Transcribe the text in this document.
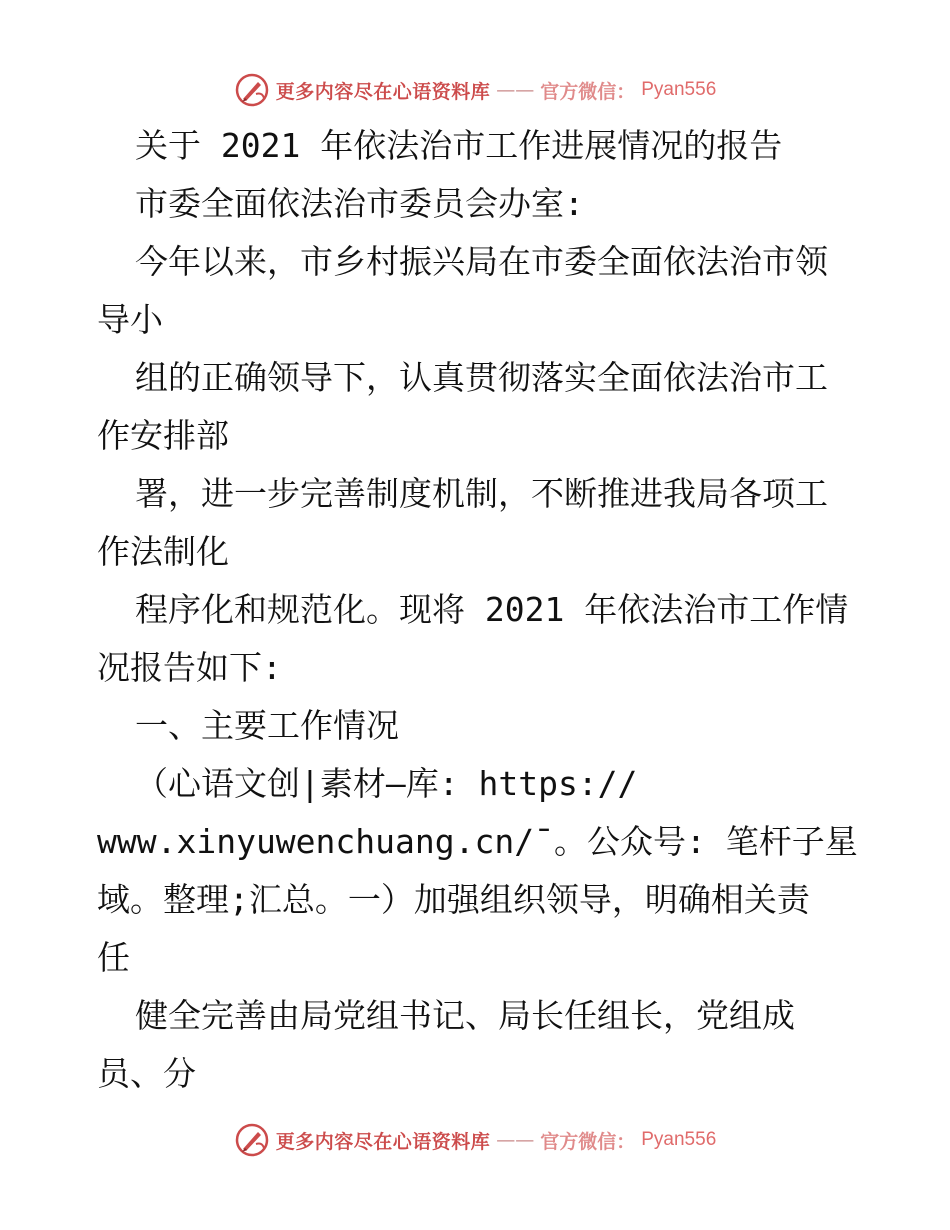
更多内容尽在心语资料库 —— 官方微信： Pyan556
关于 2021 年依法治市工作进展情况的报告
市委全面依法治市委员会办室:
今年以来，市乡村振兴局在市委全面依法治市领
导小
组的正确领导下，认真贯彻落实全面依法治市工
作安排部
署，进一步完善制度机制，不断推进我局各项工
作法制化
程序化和规范化。现将 2021 年依法治市工作情
况报告如下:
一、主要工作情况
（心语文创|素材—库: https://
www.xinyuwenchuang.cn/¯。公众号: 笔杆子星
域。整理;汇总。一）加强组织领导，明确相关责
任
健全完善由局党组书记、局长任组长，党组成
员、分
更多内容尽在心语资料库 —— 官方微信： Pyan556
